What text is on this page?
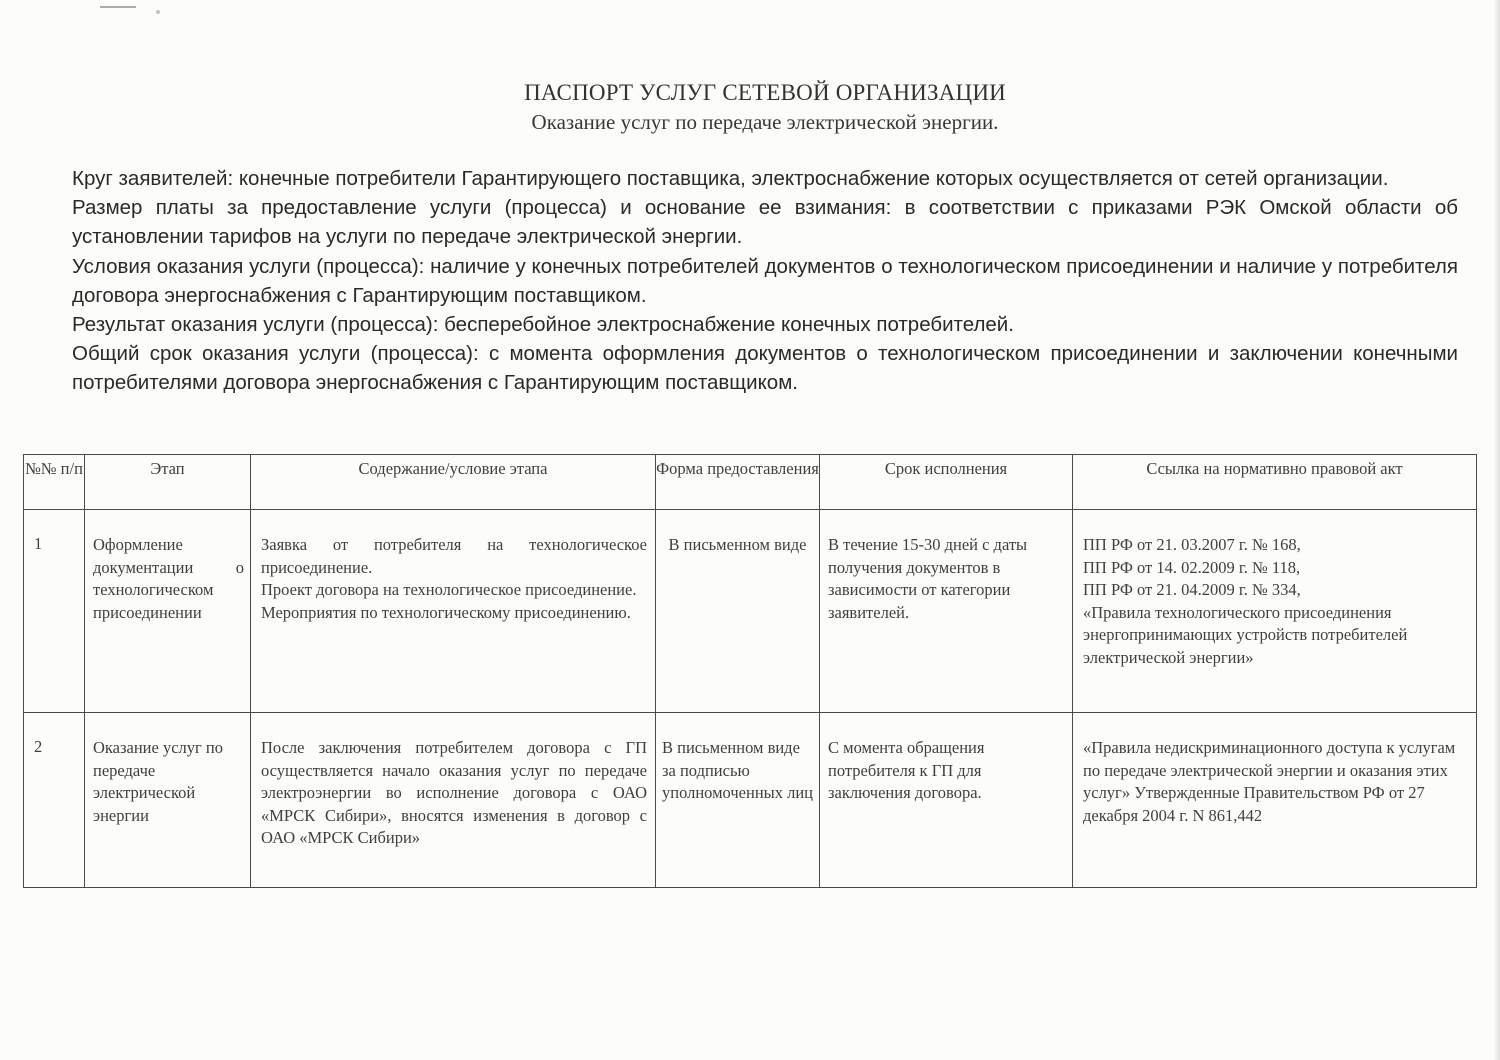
ПАСПОРТ УСЛУГ СЕТЕВОЙ ОРГАНИЗАЦИИ
Оказание услуг по передаче электрической энергии.

Круг заявителей: конечные потребители Гарантирующего поставщика, электроснабжение которых осуществляется от сетей организации.

Размер платы за предоставление услуги (процесса) и основание ее взимания: в соответствии с приказами РЭК Омской области об установлении тарифов на услуги по передаче электрической энергии.

Условия оказания услуги (процесса): наличие у конечных потребителей документов о технологическом присоединении и наличие у потребителя договора энергоснабжения с Гарантирующим поставщиком.

Результат оказания услуги (процесса): бесперебойное электроснабжение конечных потребителей.

Общий срок оказания услуги (процесса): с момента оформления документов о технологическом присоединении и заключении конечными потребителями договора энергоснабжения с Гарантирующим поставщиком.

№№ п/п	Этап	Содержание/условие этапа	Форма предоставления	Срок исполнения	Ссылка на нормативно правовой акт
1	Оформление документации о технологическом присоединении	Заявка от потребителя на технологическое присоединение.
Проект договора на технологическое присоединение.
Мероприятия по технологическому присоединению.	В письменном виде	В течение 15-30 дней с даты получения документов в зависимости от категории заявителей.	ПП РФ от 21. 03.2007 г. № 168,
ПП РФ от 14. 02.2009 г. № 118,
ПП РФ от 21. 04.2009 г. № 334,
«Правила технологического присоединения энергопринимающих устройств потребителей электрической энергии»

2	Оказание услуг по передаче электрической энергии	После заключения потребителем договора с ГП осуществляется начало оказания услуг по передаче электроэнергии во исполнение договора с ОАО «МРСК Сибири», вносятся изменения в договор с ОАО «МРСК Сибири»	В письменном виде за подписью уполномоченных лиц	С момента обращения потребителя к ГП для заключения договора.	«Правила недискриминационного доступа к услугам по передаче электрической энергии и оказания этих услуг» Утвержденные Правительством РФ от 27 декабря 2004 г. N 861,442
